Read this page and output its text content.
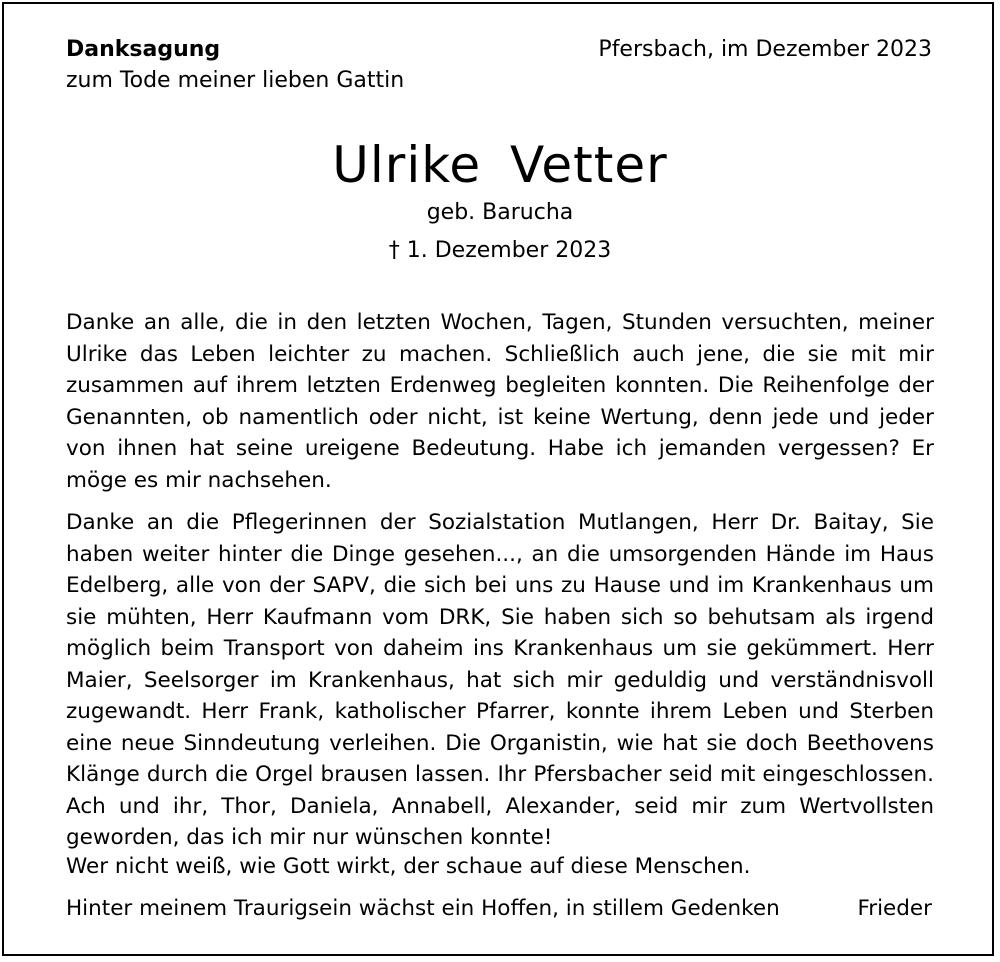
Danksagung
zum Tode meiner lieben Gattin
Pfersbach, im Dezember 2023
Ulrike Vetter
geb. Barucha
† 1. Dezember 2023
Danke an alle, die in den letzten Wochen, Tagen, Stunden versuchten, meiner Ulrike das Leben leichter zu machen. Schließlich auch jene, die sie mit mir zusammen auf ihrem letzten Erdenweg begleiten konnten. Die Reihenfolge der Genannten, ob namentlich oder nicht, ist keine Wertung, denn jede und jeder von ihnen hat seine ureigene Bedeutung. Habe ich jemanden vergessen? Er möge es mir nachsehen.
Danke an die Pflegerinnen der Sozialstation Mutlangen, Herr Dr. Baitay, Sie haben weiter hinter die Dinge gesehen..., an die umsorgenden Hände im Haus Edelberg, alle von der SAPV, die sich bei uns zu Hause und im Krankenhaus um sie mühten, Herr Kaufmann vom DRK, Sie haben sich so behutsam als irgend möglich beim Transport von daheim ins Krankenhaus um sie gekümmert. Herr Maier, Seelsorger im Krankenhaus, hat sich mir geduldig und verständnisvoll zugewandt. Herr Frank, katholischer Pfarrer, konnte ihrem Leben und Sterben eine neue Sinndeutung verleihen. Die Organistin, wie hat sie doch Beethovens Klänge durch die Orgel brausen lassen. Ihr Pfersbacher seid mit eingeschlossen. Ach und ihr, Thor, Daniela, Annabell, Alexander, seid mir zum Wertvollsten geworden, das ich mir nur wünschen konnte!
Wer nicht weiß, wie Gott wirkt, der schaue auf diese Menschen.
Hinter meinem Traurigsein wächst ein Hoffen, in stillem Gedenken	Frieder
